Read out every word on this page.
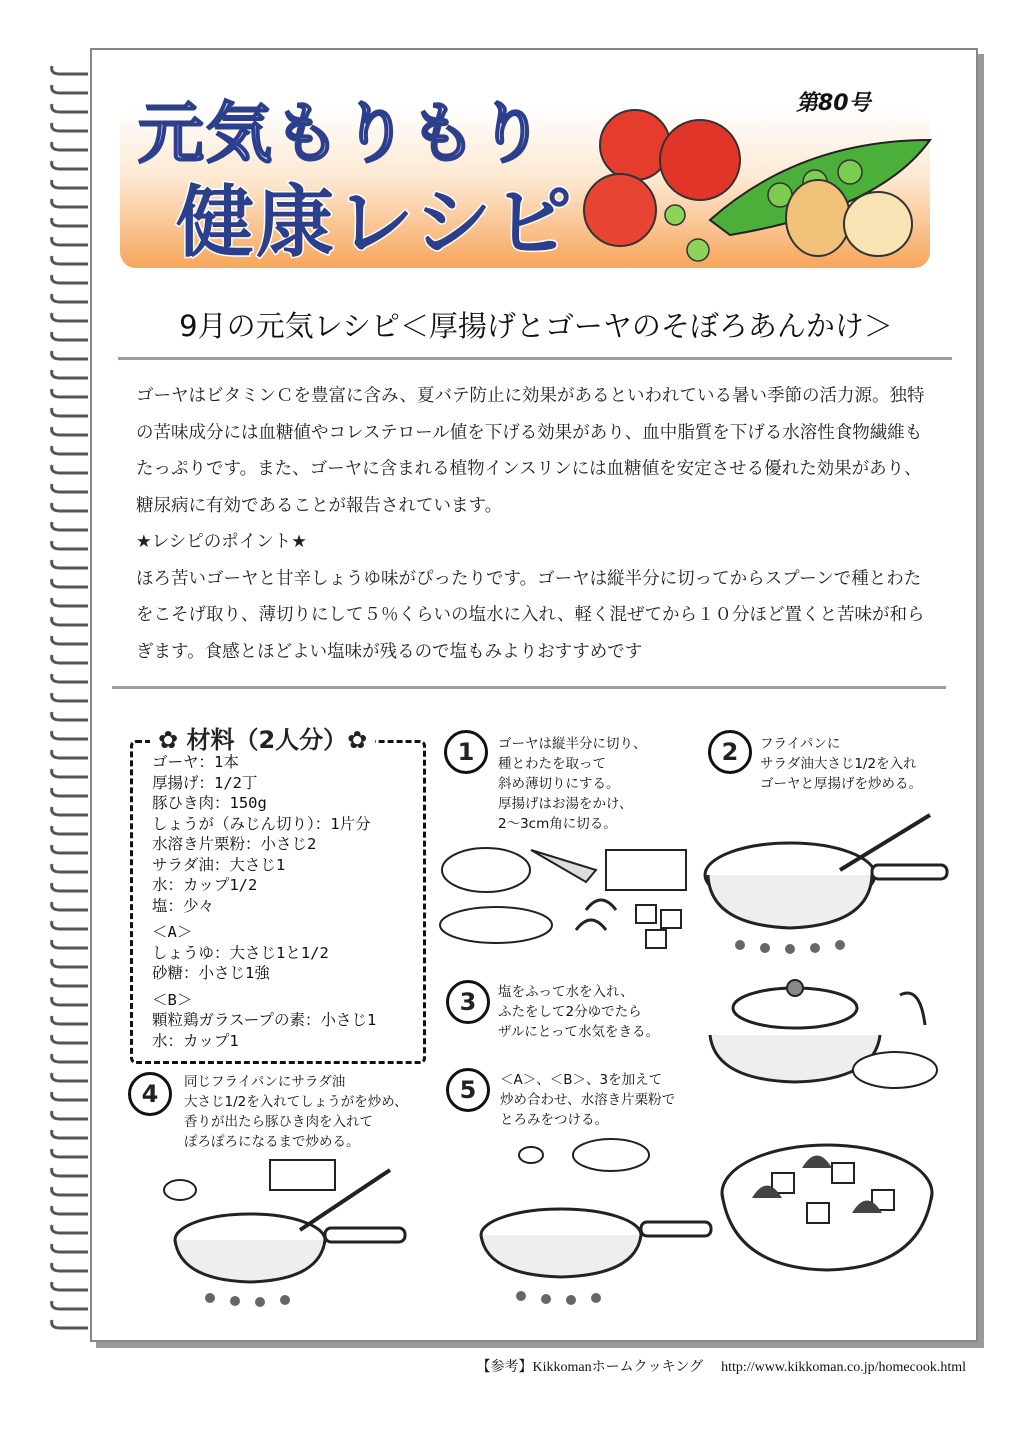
元気もりもり
健康レシピ
第80号
9月の元気レシピ＜厚揚げとゴーヤのそぼろあんかけ＞

ゴーヤはビタミンＣを豊富に含み、夏バテ防止に効果があるといわれている暑い季節の活力源。独特の苦味成分には血糖値やコレステロール値を下げる効果があり、血中脂質を下げる水溶性食物繊維もたっぷりです。また、ゴーヤに含まれる植物インスリンには血糖値を安定させる優れた効果があり、糖尿病に有効であることが報告されています。

★レシピのポイント★

ほろ苦いゴーヤと甘辛しょうゆ味がぴったりです。ゴーヤは縦半分に切ってからスプーンで種とわたをこそげ取り、薄切りにして５％くらいの塩水に入れ、軽く混ぜてから１０分ほど置くと苦味が和らぎます。食感とほどよい塩味が残るので塩もみよりおすすめです

✿ 材料（2人分）✿
ゴーヤ：1本
厚揚げ：1/2丁
豚ひき肉：150g
しょうが（みじん切り）：1片分
水溶き片栗粉：小さじ2
サラダ油：大さじ1
水：カップ1/2
塩：少々
＜A＞
しょうゆ：大さじ1と1/2
砂糖：小さじ1強
＜B＞
顆粒鶏ガラスープの素：小さじ1
水：カップ1
1	ゴーヤは縦半分に切り、
種とわたを取って
斜め薄切りにする。
厚揚げはお湯をかけ、
2～3cm角に切る。
2	フライパンに
サラダ油大さじ1/2を入れ
ゴーヤと厚揚げを炒める。
3	塩をふって水を入れ、
ふたをして2分ゆでたら
ザルにとって水気をきる。
4	同じフライパンにサラダ油
大さじ1/2を入れてしょうがを炒め、
香りが出たら豚ひき肉を入れて
ぽろぽろになるまで炒める。
5	＜A＞、＜B＞、3を加えて
炒め合わせ、水溶き片栗粉で
とろみをつける。
【参考】Kikkomanホームクッキング http://www.kikkoman.co.jp/homecook.html
